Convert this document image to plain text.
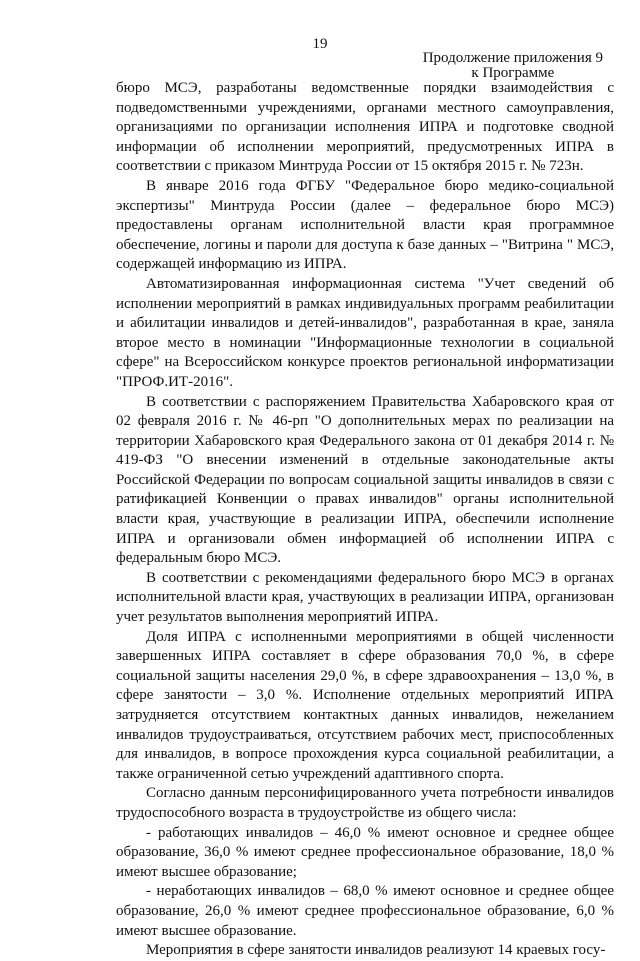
19
Продолжение приложения 9
к Программе

бюро МСЭ, разработаны ведомственные порядки взаимодействия с подведомственными учреждениями, органами местного самоуправления, организациями по организации исполнения ИПРА и подготовке сводной информации об исполнении мероприятий, предусмотренных ИПРА в соответствии с приказом Минтруда России от 15 октября 2015 г. № 723н.

В январе 2016 года ФГБУ "Федеральное бюро медико-социальной экспертизы" Минтруда России (далее – федеральное бюро МСЭ) предоставлены органам исполнительной власти края программное обеспечение, логины и пароли для доступа к базе данных – "Витрина " МСЭ, содержащей информацию из ИПРА.

Автоматизированная информационная система "Учет сведений об исполнении мероприятий в рамках индивидуальных программ реабилитации и абилитации инвалидов и детей-инвалидов", разработанная в крае, заняла второе место в номинации "Информационные технологии в социальной сфере" на Всероссийском конкурсе проектов региональной информатизации "ПРОФ.ИТ-2016".

В соответствии с распоряжением Правительства Хабаровского края от 02 февраля 2016 г. № 46-рп "О дополнительных мерах по реализации на территории Хабаровского края Федерального закона от 01 декабря 2014 г. № 419-ФЗ "О внесении изменений в отдельные законодательные акты Российской Федерации по вопросам социальной защиты инвалидов в связи с ратификацией Конвенции о правах инвалидов" органы исполнительной власти края, участвующие в реализации ИПРА, обеспечили исполнение ИПРА и организовали обмен информацией об исполнении ИПРА с федеральным бюро МСЭ.

В соответствии с рекомендациями федерального бюро МСЭ в органах исполнительной власти края, участвующих в реализации ИПРА, организован учет результатов выполнения мероприятий ИПРА.

Доля ИПРА с исполненными мероприятиями в общей численности завершенных ИПРА составляет в сфере образования 70,0 %, в сфере социальной защиты населения 29,0 %, в сфере здравоохранения – 13,0 %, в сфере занятости – 3,0 %. Исполнение отдельных мероприятий ИПРА затрудняется отсутствием контактных данных инвалидов, нежеланием инвалидов трудоустраиваться, отсутствием рабочих мест, приспособленных для инвалидов, в вопросе прохождения курса социальной реабилитации, а также ограниченной сетью учреждений адаптивного спорта.

Согласно данным персонифицированного учета потребности инвалидов трудоспособного возраста в трудоустройстве из общего числа:

- работающих инвалидов – 46,0 % имеют основное и среднее общее образование, 36,0 % имеют среднее профессиональное образование, 18,0 % имеют высшее образование;

- неработающих инвалидов – 68,0 % имеют основное и среднее общее образование, 26,0 % имеют среднее профессиональное образование, 6,0 % имеют высшее образование.

Мероприятия в сфере занятости инвалидов реализуют 14 краевых госу-
